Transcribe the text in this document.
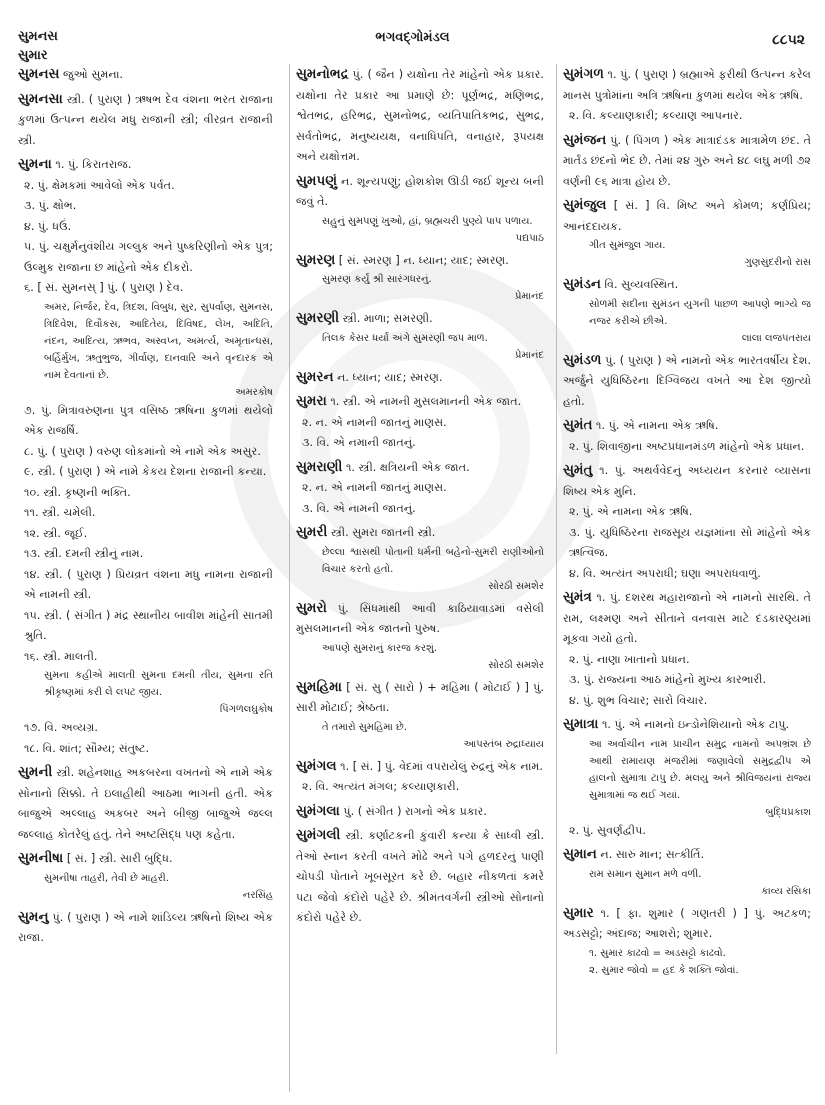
સુમનસ
સુમાર
ભગવદ્ગોમંડલ	૮૮૫૨
સુમનસ જુઓ સુમના.
સુમનસા સ્ત્રી. ( પુરાણ ) ઋષભ દેવ વંશના ભરત રાજાના કુળમાં ઉત્પન્ન થયેલ મધુ રાજાની સ્ત્રી; વીરવ્રત રાજાની સ્ત્રી.
સુમના ૧. પું. કિરાતરાજ.
૨. પું. ક્ષેમકમાં આવેલો એક પર્વત.
૩. પું. ક્ષોભ.
૪. પું. ધઉં.
૫. પું. ચક્ષુર્મનુવંશીય ગલ્લુક અને પુષ્કરિણીનો એક પુત્ર; ઉલ્મુક રાજાના છ માંહેનો એક દીકરો.
૬. [ સં. સુમનસ્ ] પું. ( પુરાણ ) દેવ.
અમર, નિર્જર, દેવ, ત્રિદશ, વિબુધ, સુર, સુપર્વાણ, સુમનસ, ત્રિદિવેશ, દિવૌકસ, આદિતેય, દિવિષદ, લેખ, અદિતિ, નંદન, આદિત્ય, ઋભવ, અસ્વપ્ન, અમર્ત્ય, અમૃતાન્ધસ, બર્હિર્મુખ, ઋતુભુજ, ગીર્વાણ, દાનવારિ અને વૃન્દારક એ નામ દેવતાનાં છે.
અમરકોષ
૭. પું. મિત્રાવરુણના પુત્ર વસિષ્ઠ ઋષિના કુળમાં થયેલો એક રાજર્ષિ.
૮. પું. ( પુરાણ ) વરુણ લોકમાંનો એ નામે એક અસુર.
૯. સ્ત્રી. ( પુરાણ ) એ નામે કેકય દેશના રાજાની કન્યા.
૧૦. સ્ત્રી. કૃષ્ણની ભક્તિ.
૧૧. સ્ત્રી. ચમેલી.
૧૨. સ્ત્રી. જૂઈ.
૧૩. સ્ત્રી. દમની સ્ત્રીનું નામ.
૧૪. સ્ત્રી. ( પુરાણ ) પ્રિયવ્રત વંશના મધુ નામના રાજાની એ નામની સ્ત્રી.
૧૫. સ્ત્રી. ( સંગીત ) મંદ્ર સ્થાનીય બાવીશ માંહેની સાતમી શ્રુતિ.
૧૬. સ્ત્રી. માલતી.
સુમના કહીએ માલતી સુમના દમની તીય, સુમના રતિ શ્રીકૃષ્ણમાં કરી લે લપટ જીય.
પિંગળલઘુકોષ
૧૭. વિ. અવ્યગ્ર.
૧૮. વિ. શાંત; સૌમ્ય; સંતુષ્ટ.
સુમની સ્ત્રી. શહેનશાહ અકબરના વખતનો એ નામે એક સોનાનો સિક્કો. તે ઇલાહીથી આઠમા ભાગની હતી. એક બાજુએ અલ્લાહ અકબર અને બીજી બાજુએ જલ્લ જલ્લાહ કોતરેલું હતું. તેને અષ્ટસિદ્ધ પણ કહેતા.
સુમનીષા [ સં. ] સ્ત્રી. સારી બુદ્ધિ.
સુમનીષા તાહરી, તેવી છે માહરી.
નરસિંહ
સુમનુ પું. ( પુરાણ ) એ નામે શાંડિલ્ય ઋષિનો શિષ્ય એક રાજા.
સુમનોભદ્ર પું. ( જૈન ) યક્ષોના તેર માંહેનો એક પ્રકાર. યક્ષોના તેર પ્રકાર આ પ્રમાણે છે: પૂર્ણભદ્ર, મણિભદ્ર, શ્વેતભદ્ર, હરિભદ્ર, સુમનોભદ્ર, વ્યતિપાતિકભદ્ર, સુભદ્ર, સર્વતોભદ્ર, મનુષ્યયક્ષ, વનાધિપતિ, વનાહાર, રૂપયક્ષ અને યક્ષોત્તમ.
સુમપણું ન. શૂન્યપણું; હોશકોશ ઊડી જઈ શૂન્ય બની જવું તે.
સહુનું સુમપણું ખુઓ, હાં, બ્રહ્મચરી પુણ્યે પાપ પળાય.
પદ્યપાઠ
સુમરણ [ સં. સ્મરણ ] ન. ધ્યાન; યાદ; સ્મરણ.
સુમરણ કર્યું શ્રી સારંગધરનું.
પ્રેમાનંદ
સુમરણી સ્ત્રી. માળા; સમરણી.
તિલક કેસર ધર્યાં અંગે સુમરણી જપ માળ.
પ્રેમાનંદ
સુમરન ન. ધ્યાન; યાદ; સ્મરણ.
સુમરા ૧. સ્ત્રી. એ નામની મુસલમાનની એક જાત.
૨. ન. એ નામની જાતનું માણસ.
૩. વિ. એ નમાની જાતનું.
સુમરાણી ૧. સ્ત્રી. ક્ષત્રિયની એક જાત.
૨. ન. એ નામની જાતનું માણસ.
૩. વિ. એ નામની જાતનું.
સુમરી સ્ત્રી. સુમરા જાતની સ્ત્રી.
છેલ્લા શ્વાસથી પોતાની ધર્મની બહેનો-સુમરી રાણીઓનો વિચાર કરતો હતો.
સોરઠી સમશેર
સુમરો પું. સિંધમાંથી આવી કાઠિયાવાડમાં વસેલી મુસલમાનની એક જાતનો પુરુષ.
આપણે સુમરાનું કારજ કરશું.
સોરઠી સમશેર
સુમહિમા [ સં. સુ ( સારો ) + મહિમા ( મોટાઈ ) ] પું. સારી મોટાઈ; શ્રેષ્ઠતા.
તે તમારો સુમહિમા છે.
આપસ્તંબ રુદ્રાધ્યાય
સુમંગલ ૧. [ સં. ] પું. વેદમાં વપરાયેલું રુદ્રનું એક નામ.
૨. વિ. અત્યંત મંગલ; કલ્યાણકારી.
સુમંગલા પું. ( સંગીત ) રાગનો એક પ્રકાર.
સુમંગલી સ્ત્રી. કર્ણાટકની કુંવારી કન્યા કે સાધ્વી સ્ત્રી. તેઓ સ્નાન કરતી વખતે મોઢે અને પગે હળદરનું પાણી ચોપડી પોતાને ખૂબસૂરત કરે છે. બહાર નીકળતાં કમરે પટા જેવો કંદોરો પહેરે છે. શ્રીમંતવર્ગની સ્ત્રીઓ સોનાનો કંદોરો પહેરે છે.
સુમંગળ ૧. પું. ( પુરાણ ) બ્રહ્માએ ફરીથી ઉત્પન્ન કરેલ માનસ પુત્રોમાંના અત્રિ ઋષિના કુળમાં થયેલ એક ઋષિ.
૨. વિ. કલ્યાણકારી; કલ્યાણ આપનાર.
સુમંજન પું. ( પિંગળ ) એક માત્રાદંડક માત્રામેળ છંદ. તે માર્તંડ છંદનો ભેદ છે. તેમાં ૨૪ ગુરુ અને ૪૮ લઘુ મળી ૭૨ વર્ણની ૯૬ માત્રા હોય છે.
સુમંજુલ [ સં. ] વિ. મિષ્ટ અને કોમળ; કર્ણપ્રિય; આનંદદાયક.
ગીત સુમંજુલ ગાય.
ગુણસુંદરીનો રાસ
સુમંડન વિ. સુવ્યવસ્થિત.
સોળમી સદીના સુમંડન યુગની પાછળ આપણે ભાગ્યે જ નજર કરીએ છીએ.
લાલા લજપતરાય
સુમંડળ પું. ( પુરાણ ) એ નામનો એક ભારતવર્ષીય દેશ. અર્જુને યુધિષ્ઠિરના દિગ્વિજય વખતે આ દેશ જીત્યો હતો.
સુમંત ૧. પું. એ નામના એક ઋષિ.
૨. પું. શિવાજીના અષ્ટપ્રધાનમંડળ માંહેનો એક પ્રધાન.
સુમંતુ ૧. પું. અથર્વવેદનું અધ્યયન કરનાર વ્યાસના શિષ્ય એક મુનિ.
૨. પું. એ નામના એક ઋષિ.
૩. પું. યુધિષ્ઠિરના રાજસૂય યજ્ઞમાંના સો માંહેનો એક ઋત્વિજ.
૪. વિ. અત્યંત અપરાધી; ઘણા અપરાધવાળું.
સુમંત્ર ૧. પું. દશરથ મહારાજાનો એ નામનો સારથિ. તે રામ, લક્ષ્મણ અને સીતાને વનવાસ માટે દંડકારણ્યમાં મૂકવા ગયો હતો.
૨. પું. નાણા ખાતાનો પ્રધાન.
૩. પું. રાજ્યના આઠ માંહેનો મુખ્ય કારભારી.
૪. પું. શુભ વિચાર; સારો વિચાર.
સુમાત્રા ૧. પું. એ નામનો ઇન્ડોનેશિયાનો એક ટાપુ.
આ અર્વાચીન નામ પ્રાચીન સમુદ્ર નામનો અપભ્રંશ છે આથી રામાયણ મંજરીમાં જણાવેલો સમુદ્રદ્વીપ એ હાલનો સુમાત્રા ટાપુ છે. મલયુ અને શ્રીવિજયનાં રાજ્ય સુમાત્રામાં જ થઈ ગયાં.
બુદ્ધિપ્રકાશ
૨. પું. સુવર્ણદ્વીપ.
સુમાન ન. સારું માન; સત્કીર્તિ.
રામ સમાન સુમાન મળે વળી.
કાવ્ય રસિકા
સુમાર ૧. [ ફા. શુમાર ( ગણતરી ) ] પું. અટકળ; અડસટ્ટો; અંદાજ; આશરો; શુમાર.
૧. સુમાર કાઢવો = અડસટ્ટો કાઢવો.
૨. સુમાર જોવો = હદ કે શક્તિ જોવાં.
